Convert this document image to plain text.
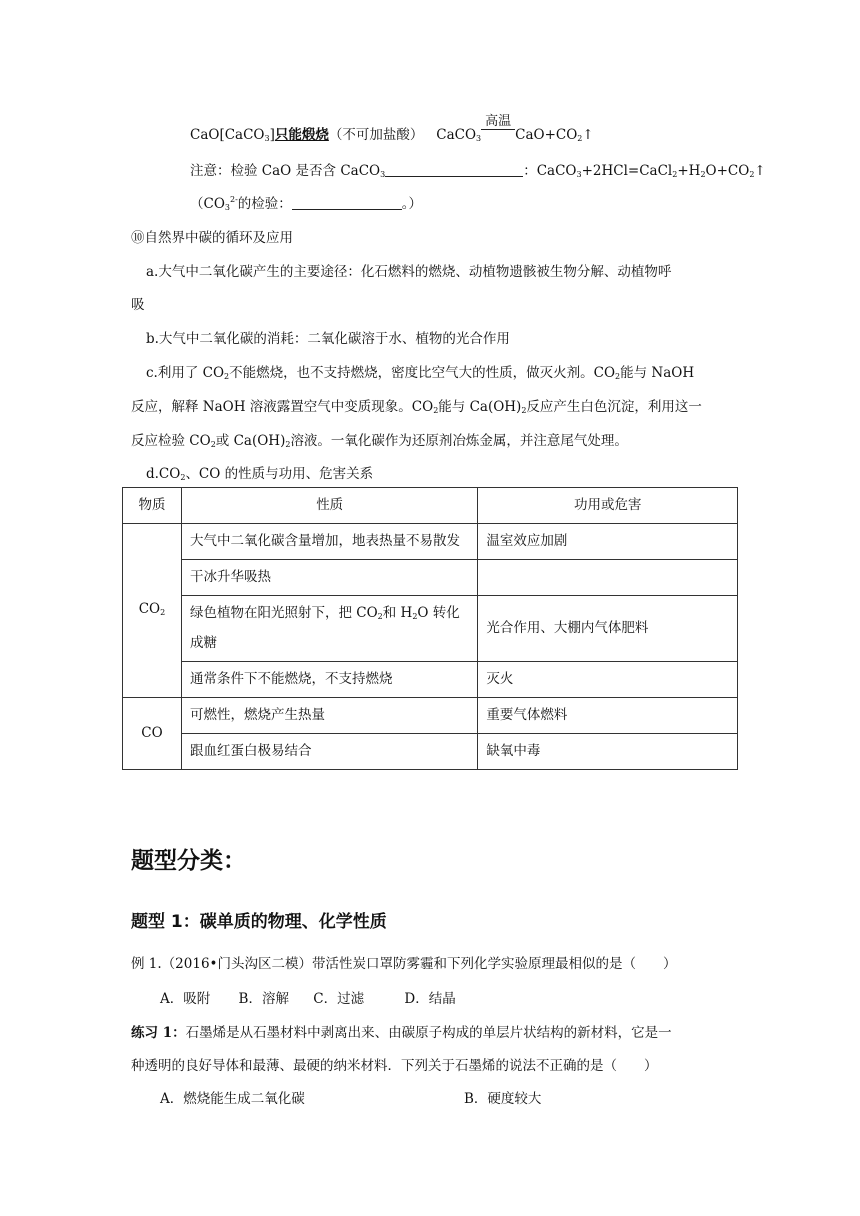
CaO[CaCO$_3$]只能煅烧（不可加盐酸） CaCO$_3$
高温
$CaO+CO_2↑$
注意：检验 CaO 是否含 CaCO$_3$	：$CaCO_3+2HCl=CaCl_2+H_2O+CO_2↑$
（$CO_3^{2-}$的检验：	。）
⑩自然界中碳的循环及应用
a.大气中二氧化碳产生的主要途径：化石燃料的燃烧、动植物遗骸被生物分解、动植物呼
吸
b.大气中二氧化碳的消耗：二氧化碳溶于水、植物的光合作用
c.利用了 $CO_2$不能燃烧，也不支持燃烧，密度比空气大的性质，做灭火剂。$CO_2$能与 NaOH
反应，解释 NaOH 溶液露置空气中变质现象。$CO_2$能与 $Ca(OH)_2$反应产生白色沉淀，利用这一
反应检验 $CO_2$或 $Ca(OH)_2$溶液。一氧化碳作为还原剂冶炼金属，并注意尾气处理。
$d.CO_2$、CO 的性质与功用、危害关系
物质	性质	功用或危害
$CO_2$	大气中二氧化碳含量增加，地表热量不易散发	温室效应加剧
	干冰升华吸热	
	绿色植物在阳光照射下，把 $CO_2$和 $H_2O$ 转化成糖	光合作用、大棚内气体肥料
	通常条件下不能燃烧，不支持燃烧	灭火
CO	可燃性，燃烧产生热量	重要气体燃料
	跟血红蛋白极易结合	缺氧中毒
题型分类：
题型 1：碳单质的物理、化学性质
例 1.（2016•门头沟区二模）带活性炭口罩防雾霾和下列化学实验原理最相似的是（　　）
A．吸附 B．溶解 C．过滤	D．结晶
练习 1：石墨烯是从石墨材料中剥离出来、由碳原子构成的单层片状结构的新材料，它是一
种透明的良好导体和最薄、最硬的纳米材料．下列关于石墨烯的说法不正确的是（　　）
A．燃烧能生成二氧化碳	B．硬度较大
